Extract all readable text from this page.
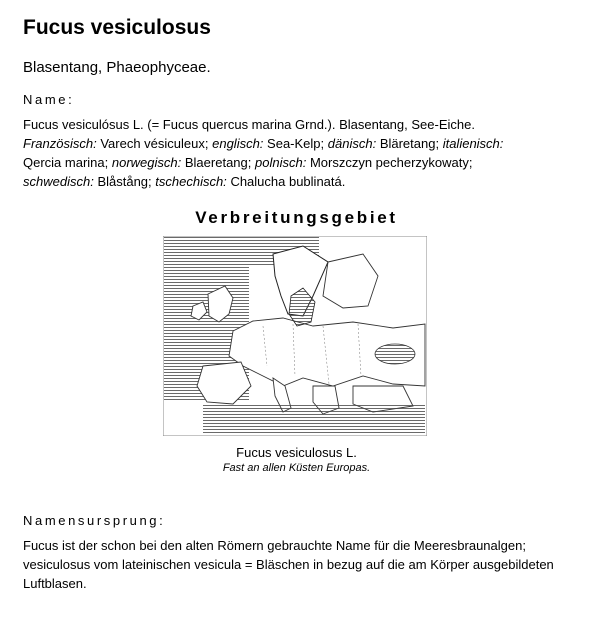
Fucus vesiculosus
Blasentang, Phaeophyceae.
Name:
Fucus vesiculósus L. (= Fucus quercus marina Grnd.). Blasentang, See-Eiche.
Französisch: Varech vésiculeux; englisch: Sea-Kelp; dänisch: Bläretang; italienisch:
Qercia marina; norwegisch: Blaeretang; polnisch: Morszczyn pecherzykowaty;
schwedisch: Blåstång; tschechisch: Chalucha bublinatá.
Verbreitungsgebiet
Fucus vesiculosus L.
Fast an allen Küsten Europas.
Namensursprung:
Fucus ist der schon bei den alten Römern gebrauchte Name für die Meeresbraunalgen; vesiculosus vom lateinischen vesicula = Bläschen in bezug auf die am Körper ausgebildeten Luftblasen.
